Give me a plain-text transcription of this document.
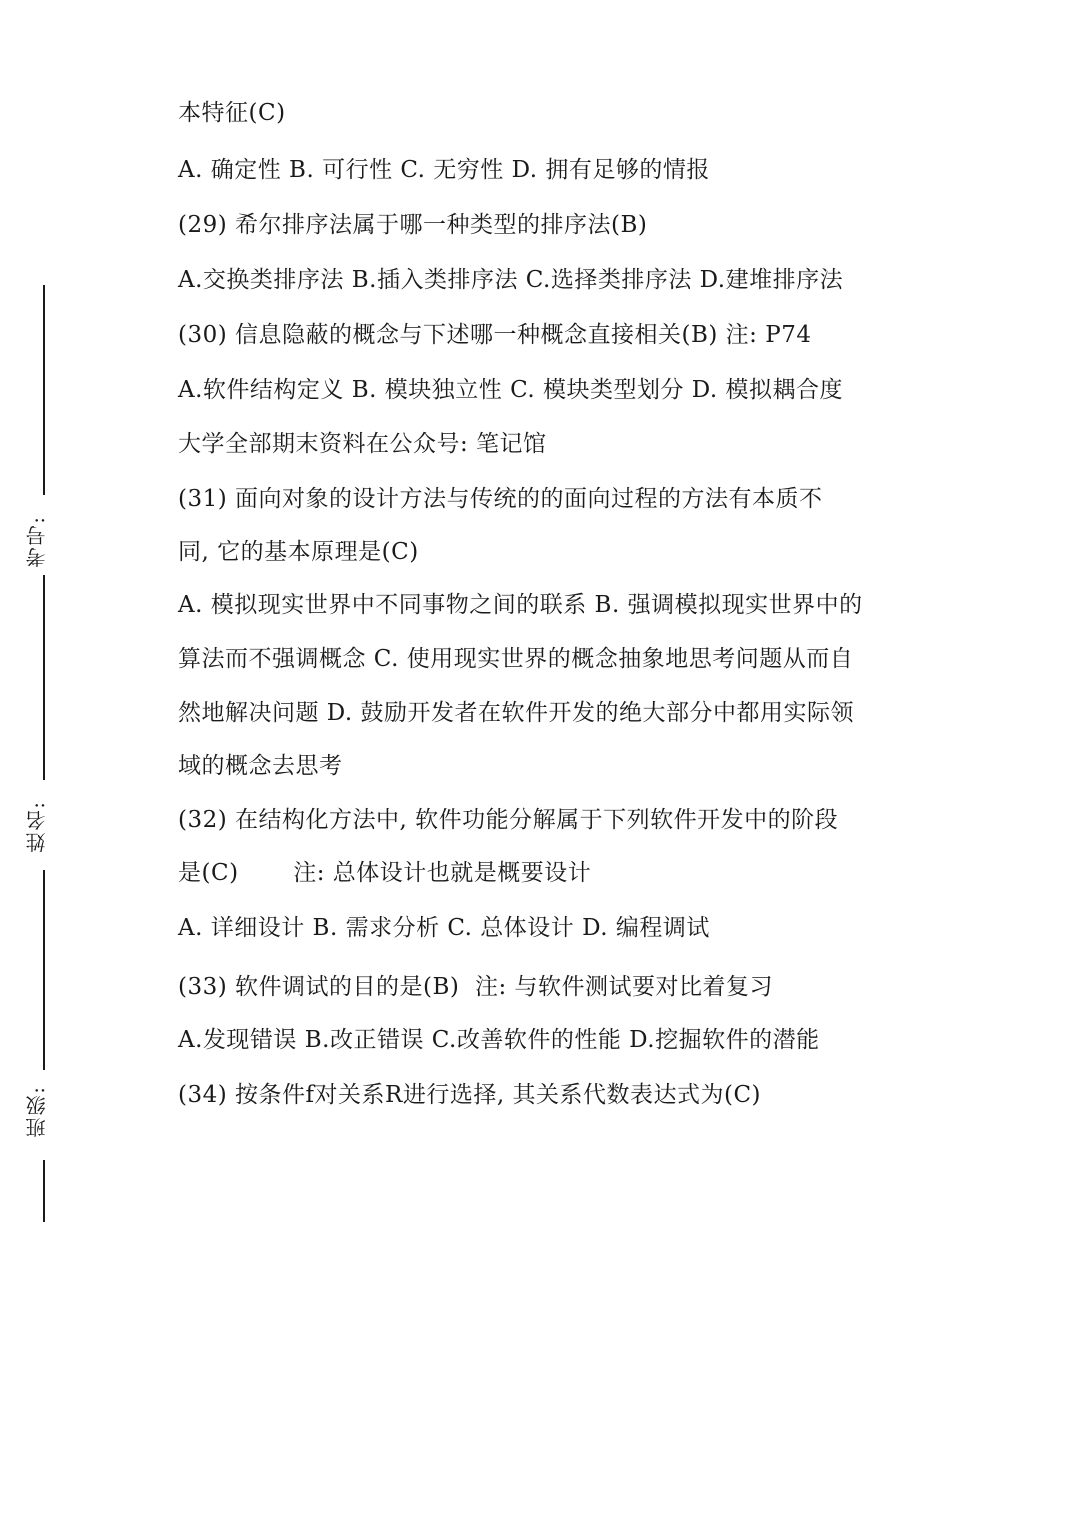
考号:
姓名:
班级:
本特征(C)
A. 确定性 B. 可行性 C. 无穷性 D. 拥有足够的情报
(29) 希尔排序法属于哪一种类型的排序法(B)
A.交换类排序法 B.插入类排序法 C.选择类排序法 D.建堆排序法
(30) 信息隐蔽的概念与下述哪一种概念直接相关(B) 注: P74
A.软件结构定义 B. 模块独立性 C. 模块类型划分 D. 模拟耦合度
大学全部期末资料在公众号: 笔记馆
(31) 面向对象的设计方法与传统的的面向过程的方法有本质不
同, 它的基本原理是(C)
A. 模拟现实世界中不同事物之间的联系 B. 强调模拟现实世界中的
算法而不强调概念 C. 使用现实世界的概念抽象地思考问题从而自
然地解决问题 D. 鼓励开发者在软件开发的绝大部分中都用实际领
域的概念去思考
(32) 在结构化方法中, 软件功能分解属于下列软件开发中的阶段
是(C)       注: 总体设计也就是概要设计
A. 详细设计 B. 需求分析 C. 总体设计 D. 编程调试
(33) 软件调试的目的是(B)  注: 与软件测试要对比着复习
A.发现错误 B.改正错误 C.改善软件的性能 D.挖掘软件的潜能
(34) 按条件f对关系R进行选择, 其关系代数表达式为(C)
